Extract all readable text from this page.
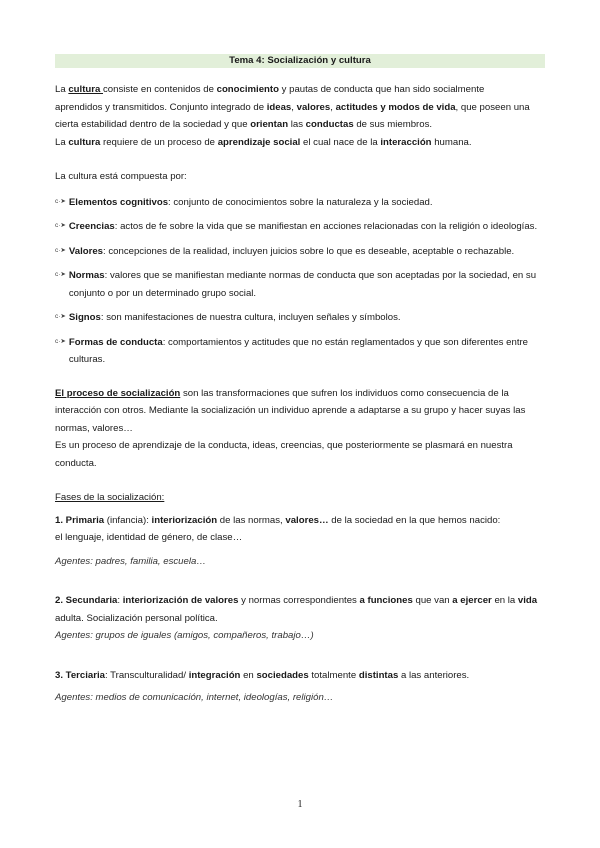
Tema 4: Socialización y cultura

La cultura consiste en contenidos de conocimiento y pautas de conducta que han sido socialmente

aprendidos y transmitidos. Conjunto integrado de ideas, valores, actitudes y modos de vida, que poseen una

cierta estabilidad dentro de la sociedad y que orientan las conductas de sus miembros.

La cultura requiere de un proceso de aprendizaje social el cual nace de la interacción humana.

La cultura está compuesta por:

c·➤ Elementos cognitivos: conjunto de conocimientos sobre la naturaleza y la sociedad.
c·➤ Creencias: actos de fe sobre la vida que se manifiestan en acciones relacionadas con la religión o ideologías.
c·➤ Valores: concepciones de la realidad, incluyen juicios sobre lo que es deseable, aceptable o rechazable.
c·➤ Normas: valores que se manifiestan mediante normas de conducta que son aceptadas por la sociedad, en su conjunto o por un determinado grupo social.
c·➤ Signos: son manifestaciones de nuestra cultura, incluyen señales y símbolos.
c·➤ Formas de conducta: comportamientos y actitudes que no están reglamentados y que son diferentes entre culturas.

El proceso de socialización son las transformaciones que sufren los individuos como consecuencia de la interacción con otros. Mediante la socialización un individuo aprende a adaptarse a su grupo y hacer suyas las normas, valores…

Es un proceso de aprendizaje de la conducta, ideas, creencias, que posteriormente se plasmará en nuestra conducta.

Fases de la socialización:

1. Primaria (infancia): interiorización de las normas, valores… de la sociedad en la que hemos nacido:

el lenguaje, identidad de género, de clase…

Agentes: padres, familia, escuela…

2. Secundaria: interiorización de valores y normas correspondientes a funciones que van a ejercer en la vida

adulta. Socialización personal política.

Agentes: grupos de iguales (amigos, compañeros, trabajo…)

3. Terciaria: Transculturalidad/ integración en sociedades totalmente distintas a las anteriores.

Agentes: medios de comunicación, internet, ideologías, religión…

1
